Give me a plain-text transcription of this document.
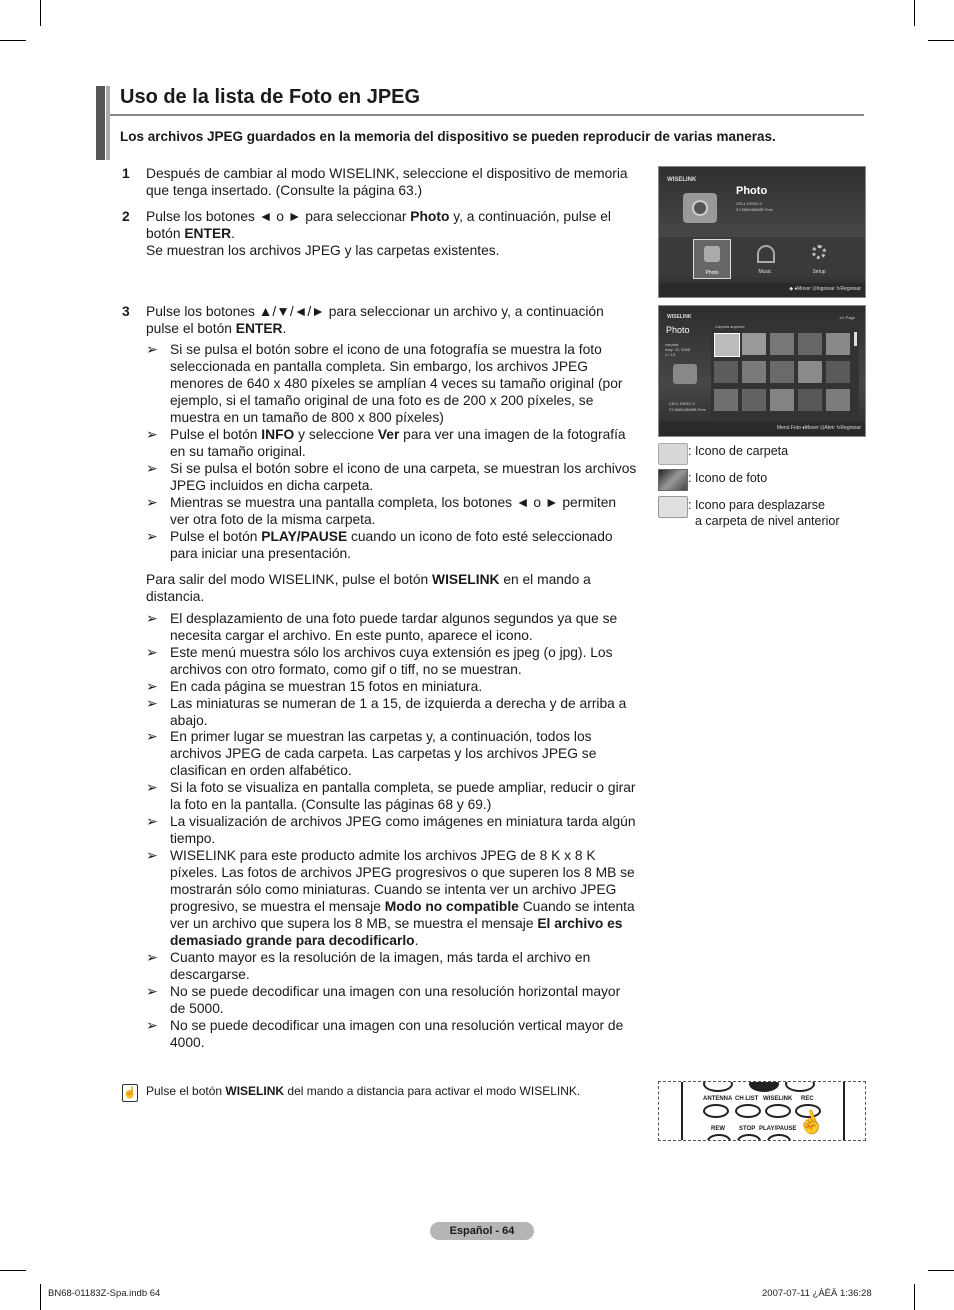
Uso de la lista de Foto en JPEG
Los archivos JPEG guardados en la memoria del dispositivo se pueden reproducir de varias maneras.
1 Después de cambiar al modo WISELINK, seleccione el dispositivo de memoria
que tenga insertado. (Consulte la página 63.)
2 Pulse los botones ◄ o ► para seleccionar Photo y, a continuación, pulse el
botón ENTER.
Se muestran los archivos JPEG y las carpetas existentes.
3 Pulse los botones ▲/▼/◄/► para seleccionar un archivo y, a continuación
pulse el botón ENTER.
➢ Si se pulsa el botón sobre el icono de una fotografía se muestra la foto seleccionada en pantalla completa. Sin embargo, los archivos JPEG menores de 640 x 480 píxeles se amplían 4 veces su tamaño original (por ejemplo, si el tamaño original de una foto es de 200 x 200 píxeles, se muestra en un tamaño de 800 x 800 píxeles)
➢ Pulse el botón INFO y seleccione Ver para ver una imagen de la fotografía en su tamaño original.
➢ Si se pulsa el botón sobre el icono de una carpeta, se muestran los archivos JPEG incluidos en dicha carpeta.
➢ Mientras se muestra una pantalla completa, los botones ◄ o ► permiten ver otra foto de la misma carpeta.
➢ Pulse el botón PLAY/PAUSE cuando un icono de foto esté seleccionado para iniciar una presentación.
Para salir del modo WISELINK, pulse el botón WISELINK en el mando a distancia.
➢ El desplazamiento de una foto puede tardar algunos segundos ya que se necesita cargar el archivo. En este punto, aparece el icono.
➢ Este menú muestra sólo los archivos cuya extensión es jpeg (o jpg). Los archivos con otro formato, como gif o tiff, no se muestran.
➢ En cada página se muestran 15 fotos en miniatura.
➢ Las miniaturas se numeran de 1 a 15, de izquierda a derecha y de arriba a abajo.
➢ En primer lugar se muestran las carpetas y, a continuación, todos los archivos JPEG de cada carpeta. Las carpetas y los archivos JPEG se clasifican en orden alfabético.
➢ Si la foto se visualiza en pantalla completa, se puede ampliar, reducir o girar la foto en la pantalla. (Consulte las páginas 68 y 69.)
➢ La visualización de archivos JPEG como imágenes en miniatura tarda algún tiempo.
➢ WISELINK para este producto admite los archivos JPEG de 8 K x 8 K píxeles. Las fotos de archivos JPEG progresivos o que superen los 8 MB se mostrarán sólo como miniaturas. Cuando se intenta ver un archivo JPEG progresivo, se muestra el mensaje Modo no compatible Cuando se intenta ver un archivo que supera los 8 MB, se muestra el mensaje El archivo es demasiado grande para decodificarlo.
➢ Cuanto mayor es la resolución de la imagen, más tarda el archivo en descargarse.
➢ No se puede decodificar una imagen con una resolución horizontal mayor de 5000.
➢ No se puede decodificar una imagen con una resolución vertical mayor de 4000.
☝ Pulse el botón WISELINK del mando a distancia para activar el modo WISELINK.
WISELINK
Photo
CELL DISK2.0
37.8MB/488MB Free
Photo	Music	Setup
◆ ♦Mover ⊡Ingresar ↻Regresar
WISELINK
Photo
1/1 Page
carpeta
may. 22, 2006
1 / 15
CELL DISK2.0
37.8MB/488MB Free
Carpeta superior
Menú Foto ♦Mover ⊡Abrir ↻Regresar
: Icono de carpeta
: Icono de foto
: Icono para desplazarse
a carpeta de nivel anterior
ANTENNA CH LIST WISELINK REC
REW STOP PLAY/PAUSE
☝
Español - 64
BN68-01183Z-Spa.indb 64	2007-07-11 ¿ÀÈÄ 1:36:28
